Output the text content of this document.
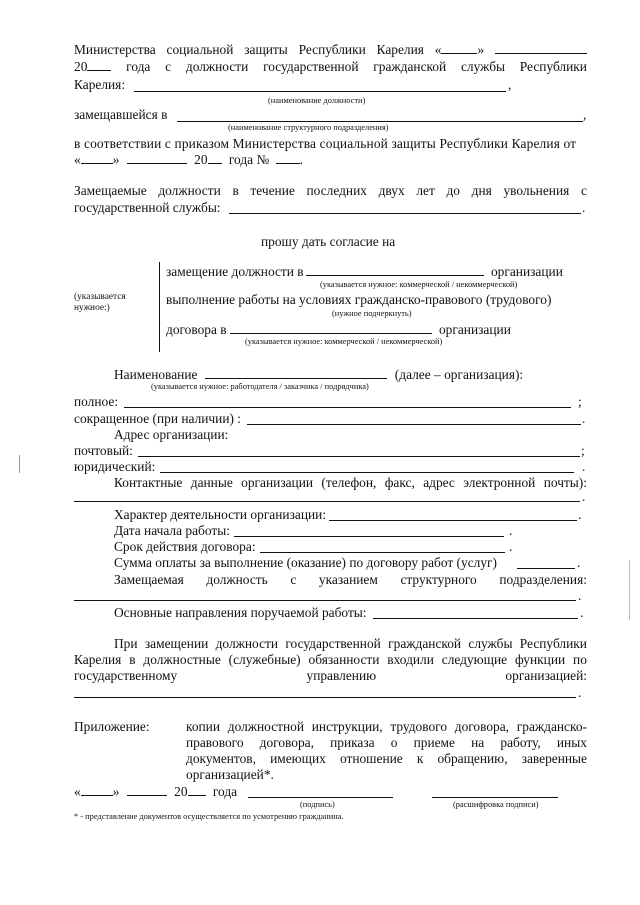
Министерства социальной защиты Республики Карелия «	»
20	года с должности государственной гражданской службы Республики
Карелия:	,
(наименование должности)
замещавшейся в	,
(наименование структурного подразделения)
в соответствии с приказом Министерства социальной защиты Республики Карелия от
« »	20 года № .
Замещаемые должности в течение последних двух лет до дня увольнения с
государственной службы:	.
прошу дать согласие на
(указывается
нужное:)
замещение должности в	организации
(указывается нужное: коммерческой / некоммерческой)
выполнение работы на условиях гражданско-правового (трудового)
(нужное подчеркнуть)
договора в	организации
(указывается нужное: коммерческой / некоммерческой)
Наименование	(далее – организация):
(указывается нужное: работодателя / заказчика / подрядчика)
полное:	;
сокращенное (при наличии) :	.
Адрес организации:
почтовый:	;
юридический:	.
Контактные данные организации (телефон, факс, адрес электронной почты):
.
Характер деятельности организации:	.
Дата начала работы:	.
Срок действия договора:	.
Сумма оплаты за выполнение (оказание) по договору работ (услуг)	.
Замещаемая должность с указанием структурного подразделения:
.
Основные направления поручаемой работы:	.
При замещении должности государственной гражданской службы Республики
Карелия в должностные (служебные) обязанности входили следующие функции по
государственному	управлению	организацией:
.
Приложение:	копии должностной инструкции, трудового договора, гражданско-
правового договора, приказа о приеме на работу, иных
документов, имеющих отношение к обращению, заверенные
организацией*.
« »	20 года
(подпись)	(расшифровка подписи)
* - представление документов осуществляется по усмотрению гражданина.
